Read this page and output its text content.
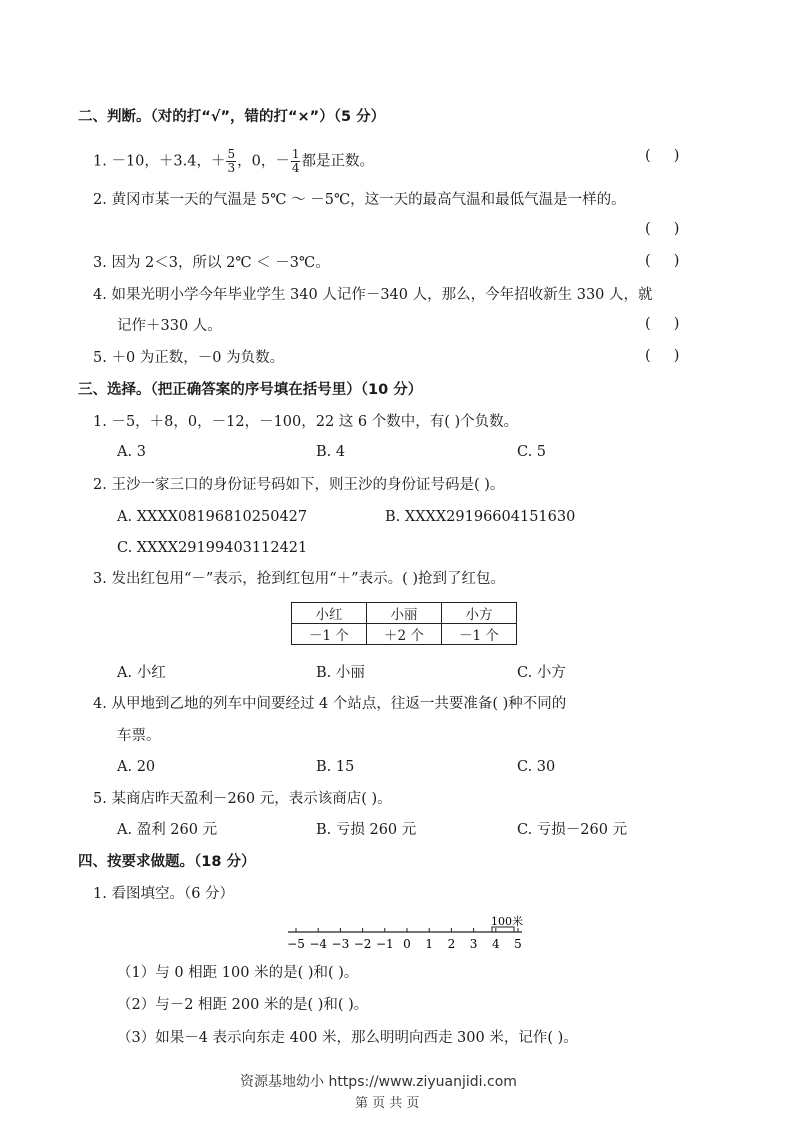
二、判断。（对的打“√”，错的打“×”）（5 分）
1. －10，＋3.4，＋ $\frac{5}{3}$ ，0，－ $\frac{1}{4}$ 都是正数。	(     )
2. 黄冈市某一天的气温是 5℃ ～ －5℃，这一天的最高气温和最低气温是一样的。
(     )
3. 因为 2＜3，所以 2℃ ＜ －3℃。	(     )
4. 如果光明小学今年毕业学生 340 人记作－340 人，那么，今年招收新生 330 人，就
记作＋330 人。	(     )
5. ＋0 为正数，－0 为负数。	(     )
三、选择。（把正确答案的序号填在括号里）（10 分）
1. －5，＋8，0，－12，－100，22 这 6 个数中，有( )个负数。
A. 3	B. 4	C. 5
2. 王沙一家三口的身份证号码如下，则王沙的身份证号码是( )。
A. XXXX08196810250427	B. XXXX29196604151630
C. XXXX29199403112421
3. 发出红包用“－”表示，抢到红包用“＋”表示。( )抢到了红包。
小红	小丽	小方
－1 个	＋2 个	－1 个
A. 小红	B. 小丽	C. 小方
4. 从甲地到乙地的列车中间要经过 4 个站点，往返一共要准备( )种不同的
车票。
A. 20	B. 15	C. 30
5. 某商店昨天盈利－260 元，表示该商店( )。
A. 盈利 260 元	B. 亏损 260 元	C. 亏损－260 元
四、按要求做题。（18 分）
1. 看图填空。（6 分）
−5 −4 −3 −2 −1 0 1 2 3 4 5
100米
（1）与 0 相距 100 米的是( )和( )。
（2）与－2 相距 200 米的是( )和( )。
（3）如果－4 表示向东走 400 米，那么明明向西走 300 米，记作( )。
资源基地幼小 https://www.ziyuanjidi.com
第 页 共 页
